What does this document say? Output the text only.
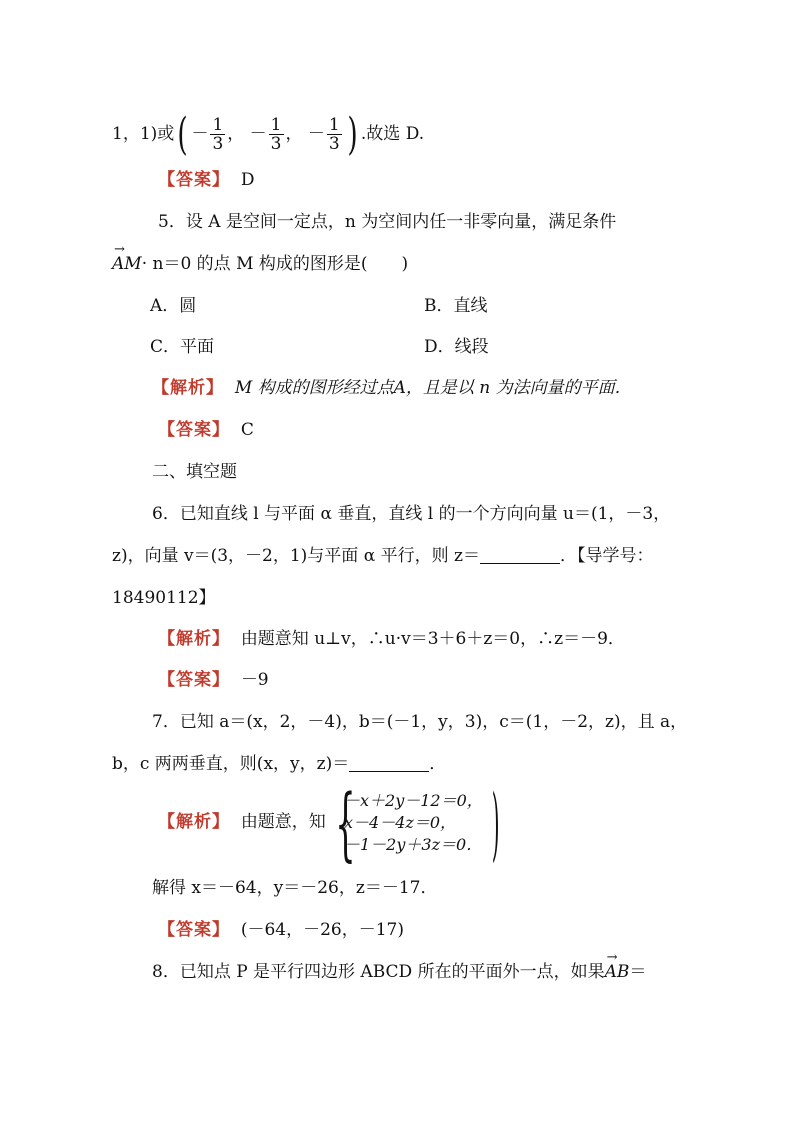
1，1)或( － $\frac{1}{3}$ ， － $\frac{1}{3}$ ， － $\frac{1}{3}$ ) .故选 D.
【答案】 D
5．设 A 是空间一定点，n 为空间内任一非零向量，满足条件
→ AM· n＝0 的点 M 构成的图形是(　　)
A．圆	B．直线
C．平面	D．线段
【解析】 M 构成的图形经过点A，且是以 n 为法向量的平面．
【答案】 C
二、填空题
6．已知直线 l 与平面 α 垂直，直线 l 的一个方向向量 u＝(1，－3，
z)，向量 v＝(3，－2，1)与平面 α 平行，则 z＝	．【导学号：
18490112】
【解析】 由题意知 u⊥v，∴u·v＝3＋6＋z＝0，∴z＝－9．
【答案】 －9
7．已知 a＝(x，2，－4)，b＝(－1，y，3)，c＝(1，－2，z)，且 a，
b，c 两两垂直，则(x，y，z)＝	．
【解析】 由题意，知 {
－x＋2y－12＝0，
x－4－4z＝0，
－1－2y＋3z＝0． )
解得 x＝－64，y＝－26，z＝－17．
【答案】 (－64，－26，－17)
8．已知点 P 是平行四边形 ABCD 所在的平面外一点，如果→ AB＝
